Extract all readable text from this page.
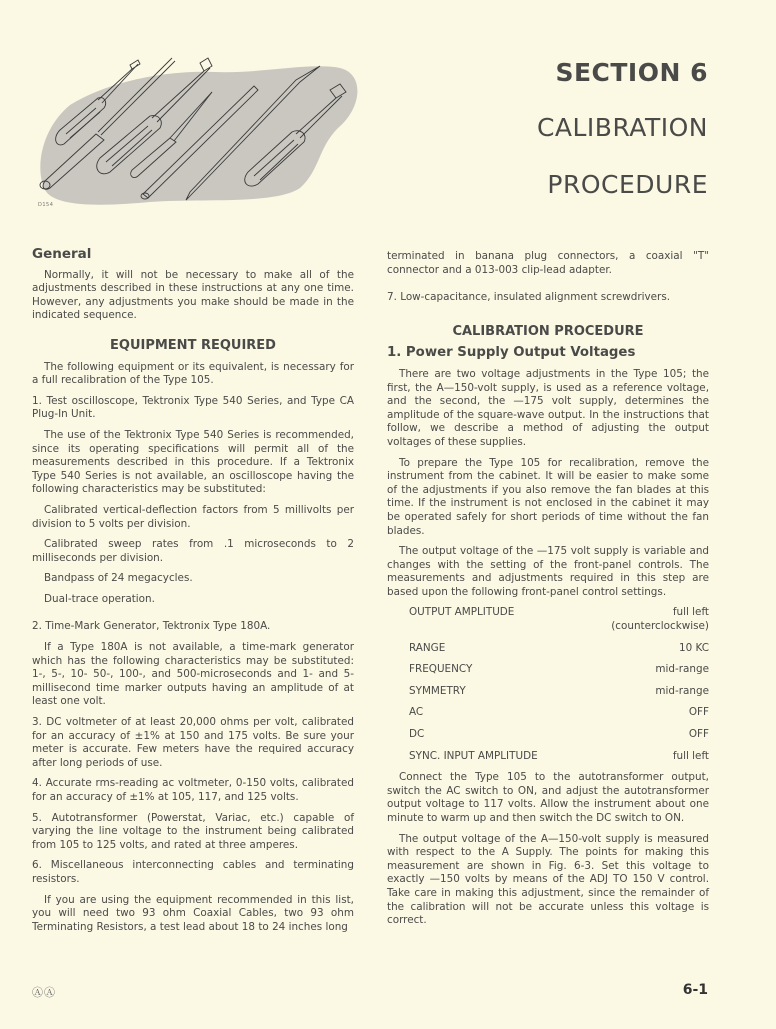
D154
SECTION 6
CALIBRATION
PROCEDURE
General

Normally, it will not be necessary to make all of the adjustments described in these instructions at any one time. However, any adjustments you make should be made in the indicated sequence.

EQUIPMENT REQUIRED

The following equipment or its equivalent, is necessary for a full recalibration of the Type 105.

1. Test oscilloscope, Tektronix Type 540 Series, and Type CA Plug-In Unit.

The use of the Tektronix Type 540 Series is recommended, since its operating specifications will permit all of the measurements described in this procedure. If a Tektronix Type 540 Series is not available, an oscilloscope having the following characteristics may be substituted:

Calibrated vertical-deflection factors from 5 millivolts per division to 5 volts per division.

Calibrated sweep rates from .1 microseconds to 2 milliseconds per division.

Bandpass of 24 megacycles.

Dual-trace operation.

2. Time-Mark Generator, Tektronix Type 180A.

If a Type 180A is not available, a time-mark generator which has the following characteristics may be substituted: 1-, 5-, 10- 50-, 100-, and 500-microseconds and 1- and 5-millisecond time marker outputs having an amplitude of at least one volt.

3. DC voltmeter of at least 20,000 ohms per volt, calibrated for an accuracy of ±1% at 150 and 175 volts. Be sure your meter is accurate. Few meters have the required accuracy after long periods of use.

4. Accurate rms-reading ac voltmeter, 0-150 volts, calibrated for an accuracy of ±1% at 105, 117, and 125 volts.

5. Autotransformer (Powerstat, Variac, etc.) capable of varying the line voltage to the instrument being calibrated from 105 to 125 volts, and rated at three amperes.

6. Miscellaneous interconnecting cables and terminating resistors.

If you are using the equipment recommended in this list, you will need two 93 ohm Coaxial Cables, two 93 ohm Terminating Resistors, a test lead about 18 to 24 inches long

terminated in banana plug connectors, a coaxial "T" connector and a 013-003 clip-lead adapter.

7. Low-capacitance, insulated alignment screwdrivers.

CALIBRATION PROCEDURE
1. Power Supply Output Voltages

There are two voltage adjustments in the Type 105; the first, the A—150-volt supply, is used as a reference voltage, and the second, the —175 volt supply, determines the amplitude of the square-wave output. In the instructions that follow, we describe a method of adjusting the output voltages of these supplies.

To prepare the Type 105 for recalibration, remove the instrument from the cabinet. It will be easier to make some of the adjustments if you also remove the fan blades at this time. If the instrument is not enclosed in the cabinet it may be operated safely for short periods of time without the fan blades.

The output voltage of the —175 volt supply is variable and changes with the setting of the front-panel controls. The measurements and adjustments required in this step are based upon the following front-panel control settings.

OUTPUT AMPLITUDE	full left
(counterclockwise)
RANGE	10 KC
FREQUENCY	mid-range
SYMMETRY	mid-range
AC	OFF
DC	OFF
SYNC. INPUT AMPLITUDE	full left

Connect the Type 105 to the autotransformer output, switch the AC switch to ON, and adjust the autotransformer output voltage to 117 volts. Allow the instrument about one minute to warm up and then switch the DC switch to ON.

The output voltage of the A—150-volt supply is measured with respect to the A Supply. The points for making this measurement are shown in Fig. 6-3. Set this voltage to exactly —150 volts by means of the ADJ TO 150 V control. Take care in making this adjustment, since the remainder of the calibration will not be accurate unless this voltage is correct.

ⒶⒶ	6-1
